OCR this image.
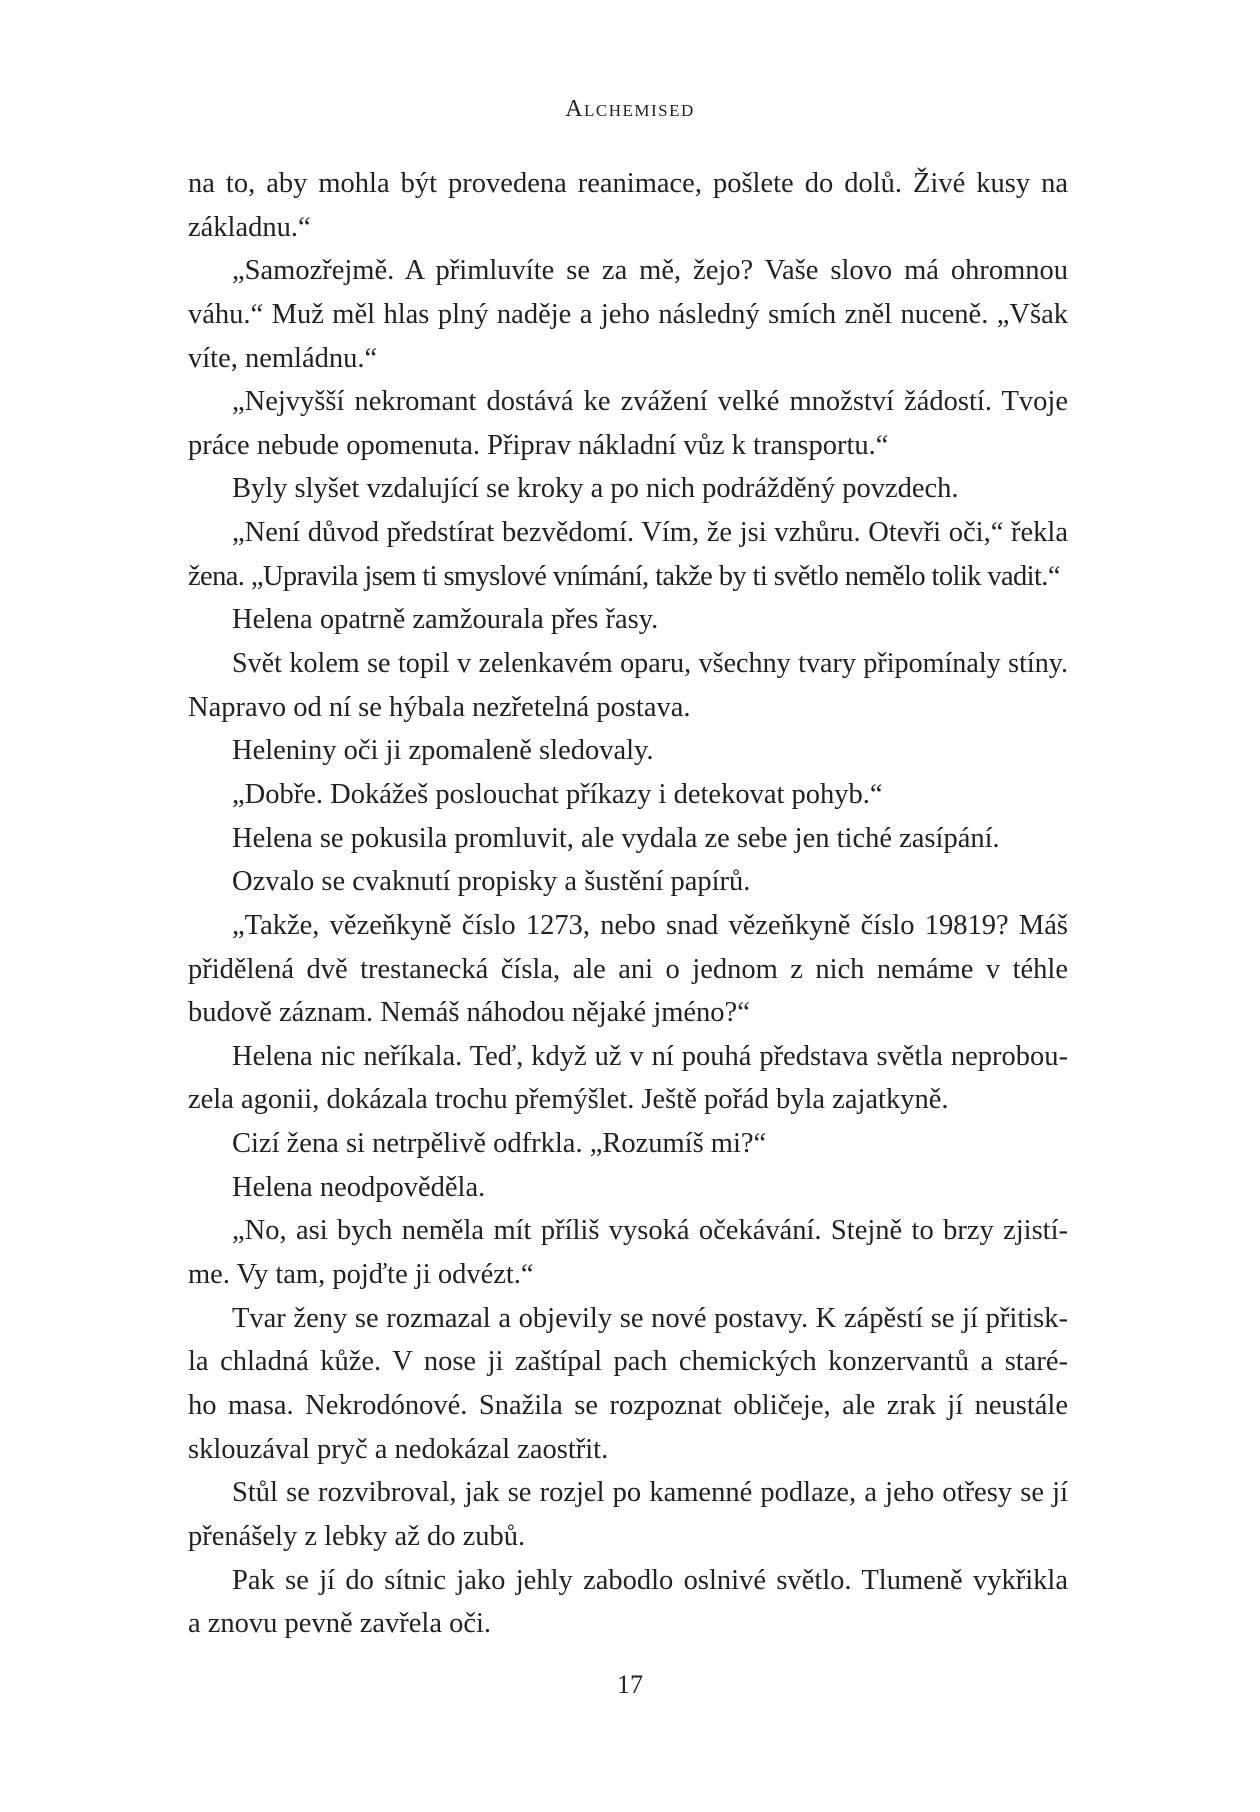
Alchemised
na to, aby mohla být provedena reanimace, pošlete do dolů. Živé kusy na
základnu.“
„Samozřejmě. A přimluvíte se za mě, žejo? Vaše slovo má ohromnou
váhu.“ Muž měl hlas plný naděje a jeho následný smích zněl nuceně. „Však
víte, nemládnu.“
„Nejvyšší nekromant dostává ke zvážení velké množství žádostí. Tvoje
práce nebude opomenuta. Připrav nákladní vůz k transportu.“
Byly slyšet vzdalující se kroky a po nich podrážděný povzdech.
„Není důvod předstírat bezvědomí. Vím, že jsi vzhůru. Otevři oči,“ řekla
žena. „Upravila jsem ti smyslové vnímání, takže by ti světlo nemělo tolik vadit.“
Helena opatrně zamžourala přes řasy.
Svět kolem se topil v zelenkavém oparu, všechny tvary připomínaly stíny.
Napravo od ní se hýbala nezřetelná postava.
Heleniny oči ji zpomaleně sledovaly.
„Dobře. Dokážeš poslouchat příkazy i detekovat pohyb.“
Helena se pokusila promluvit, ale vydala ze sebe jen tiché zasípání.
Ozvalo se cvaknutí propisky a šustění papírů.
„Takže, vězeňkyně číslo 1273, nebo snad vězeňkyně číslo 19819? Máš
přidělená dvě trestanecká čísla, ale ani o jednom z nich nemáme v téhle
budově záznam. Nemáš náhodou nějaké jméno?“
Helena nic neříkala. Teď, když už v ní pouhá představa světla neprobou-
zela agonii, dokázala trochu přemýšlet. Ještě pořád byla zajatkyně.
Cizí žena si netrpělivě odfrkla. „Rozumíš mi?“
Helena neodpověděla.
„No, asi bych neměla mít příliš vysoká očekávání. Stejně to brzy zjistí-
me. Vy tam, pojďte ji odvézt.“
Tvar ženy se rozmazal a objevily se nové postavy. K zápěstí se jí přitisk-
la chladná kůže. V nose ji zaštípal pach chemických konzervantů a staré-
ho masa. Nekrodónové. Snažila se rozpoznat obličeje, ale zrak jí neustále
sklouzával pryč a nedokázal zaostřit.
Stůl se rozvibroval, jak se rozjel po kamenné podlaze, a jeho otřesy se jí
přenášely z lebky až do zubů.
Pak se jí do sítnic jako jehly zabodlo oslnivé světlo. Tlumeně vykřikla
a znovu pevně zavřela oči.
17
